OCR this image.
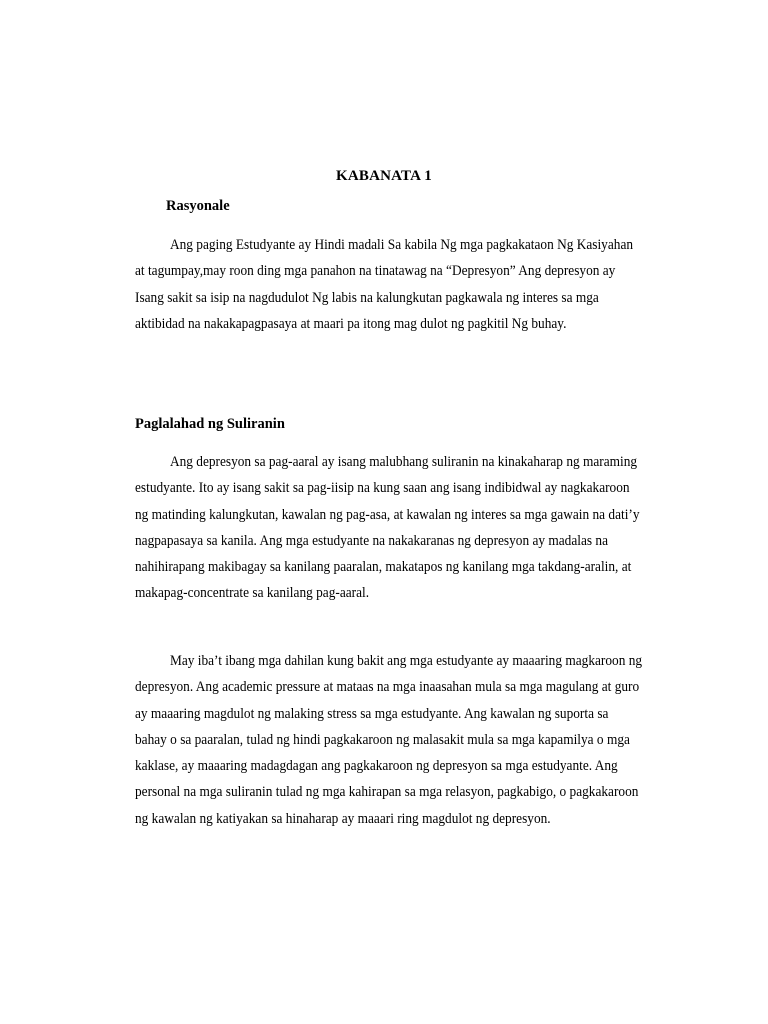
KABANATA 1
Rasyonale

Ang paging Estudyante ay Hindi madali Sa kabila Ng mga pagkakataon Ng Kasiyahan at tagumpay,may roon ding mga panahon na tinatawag na “Depresyon” Ang depresyon ay Isang sakit sa isip na nagdudulot Ng labis na kalungkutan pagkawala ng interes sa mga aktibidad na nakakapagpasaya at maari pa itong mag dulot ng pagkitil Ng buhay.

Paglalahad ng Suliranin

Ang depresyon sa pag-aaral ay isang malubhang suliranin na kinakaharap ng maraming estudyante. Ito ay isang sakit sa pag-iisip na kung saan ang isang indibidwal ay nagkakaroon ng matinding kalungkutan, kawalan ng pag-asa, at kawalan ng interes sa mga gawain na dati’y nagpapasaya sa kanila. Ang mga estudyante na nakakaranas ng depresyon ay madalas na nahihirapang makibagay sa kanilang paaralan, makatapos ng kanilang mga takdang-aralin, at makapag-concentrate sa kanilang pag-aaral.

May iba’t ibang mga dahilan kung bakit ang mga estudyante ay maaaring magkaroon ng depresyon. Ang academic pressure at mataas na mga inaasahan mula sa mga magulang at guro ay maaaring magdulot ng malaking stress sa mga estudyante. Ang kawalan ng suporta sa bahay o sa paaralan, tulad ng hindi pagkakaroon ng malasakit mula sa mga kapamilya o mga kaklase, ay maaaring madagdagan ang pagkakaroon ng depresyon sa mga estudyante. Ang personal na mga suliranin tulad ng mga kahirapan sa mga relasyon, pagkabigo, o pagkakaroon ng kawalan ng katiyakan sa hinaharap ay maaari ring magdulot ng depresyon.
